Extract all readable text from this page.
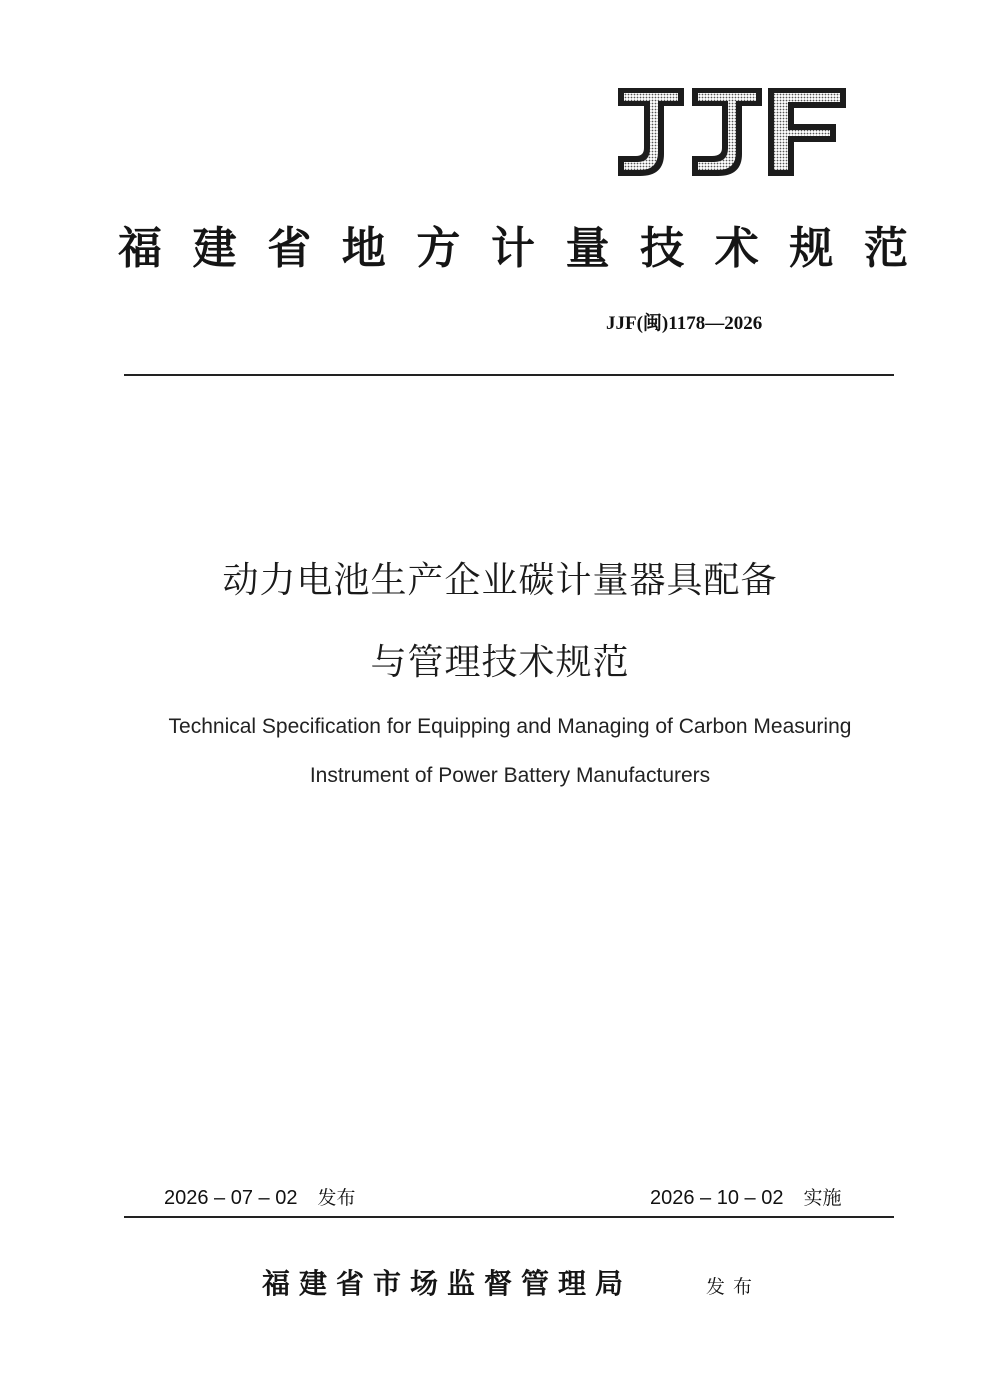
福 建 省 地 方 计 量 技 术 规 范
JJF(闽)1178—2026
动力电池生产企业碳计量器具配备
与管理技术规范
Technical Specification for Equipping and Managing of Carbon Measuring
Instrument of Power Battery Manufacturers
2026 – 07 – 02 发布	2026 – 10 – 02 实施
福建省市场监督管理局	发布
